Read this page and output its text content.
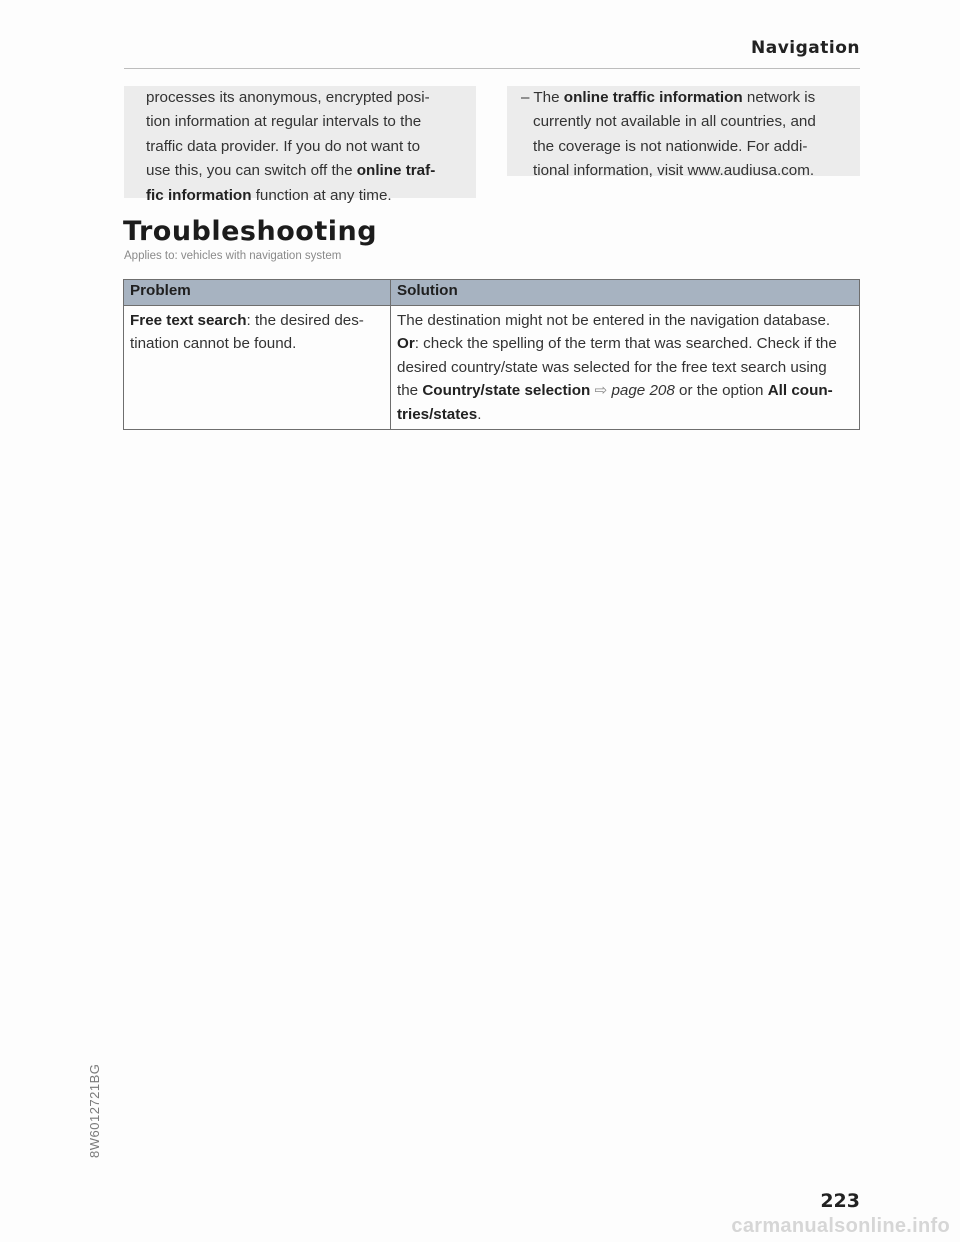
Navigation
processes its anonymous, encrypted posi-
tion information at regular intervals to the
traffic data provider. If you do not want to
use this, you can switch off the online traf-
fic information function at any time.
– The online traffic information network is
currently not available in all countries, and
the coverage is not nationwide. For addi-
tional information, visit www.audiusa.com.
Troubleshooting
Applies to: vehicles with navigation system
Problem	Solution

Free text search: the desired des-
tination cannot be found.	The destination might not be entered in the navigation database.
Or: check the spelling of the term that was searched. Check if the
desired country/state was selected for the free text search using
the Country/state selection ⇨ page 208 or the option All coun-
tries/states.
8W6012721BG
223
carmanualsonline.info
